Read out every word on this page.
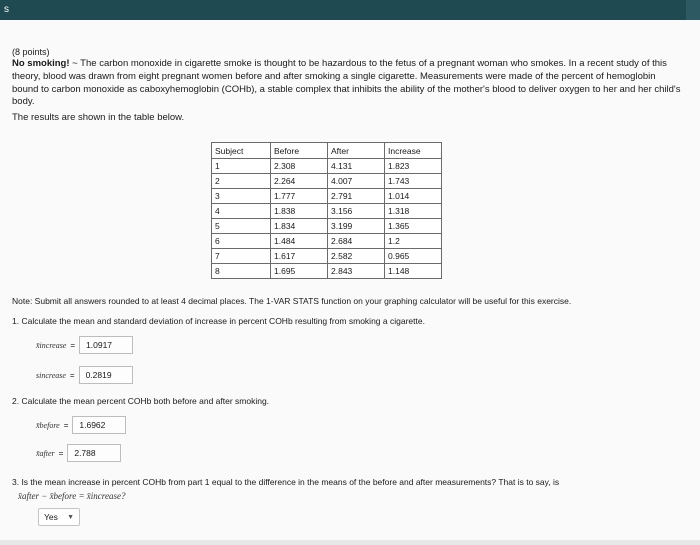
s
(8 points)
No smoking! ~ The carbon monoxide in cigarette smoke is thought to be hazardous to the fetus of a pregnant woman who smokes. In a recent study of this theory, blood was drawn from eight pregnant women before and after smoking a single cigarette. Measurements were made of the percent of hemoglobin bound to carbon monoxide as caboxyhemoglobin (COHb), a stable complex that inhibits the ability of the mother's blood to deliver oxygen to her and her child's body.
The results are shown in the table below.
Subject	Before	After	Increase
1	2.308	4.131	1.823
2	2.264	4.007	1.743
3	1.777	2.791	1.014
4	1.838	3.156	1.318
5	1.834	3.199	1.365
6	1.484	2.684	1.2
7	1.617	2.582	0.965
8	1.695	2.843	1.148
Note: Submit all answers rounded to at least 4 decimal places. The 1-VAR STATS function on your graphing calculator will be useful for this exercise.
1. Calculate the mean and standard deviation of increase in percent COHb resulting from smoking a cigarette.
x̄increase =	1.0917
sincrease =	0.2819
2. Calculate the mean percent COHb both before and after smoking.
x̄before =	1.6962
x̄after =	2.788
3. Is the mean increase in percent COHb from part 1 equal to the difference in the means of the before and after measurements? That is to say, is
x̄after − x̄before = x̄increase?
Yes ▼
